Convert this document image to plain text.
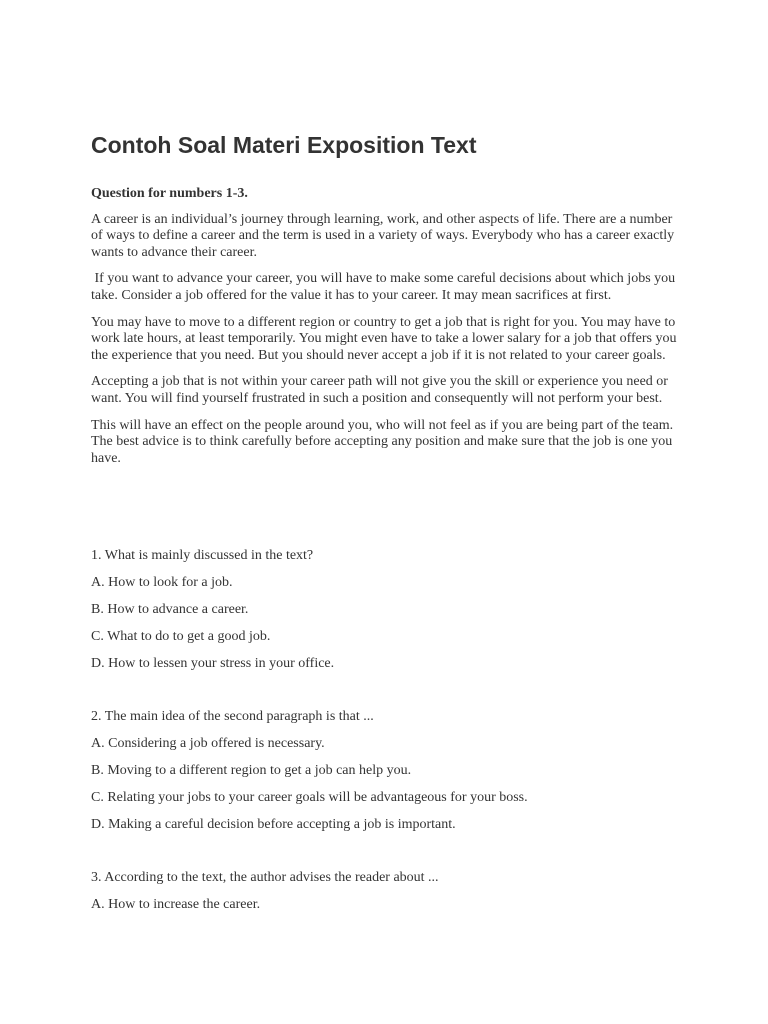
Contoh Soal Materi Exposition Text

Question for numbers 1-3.

A career is an individual’s journey through learning, work, and other aspects of life. There are a number of ways to define a career and the term is used in a variety of ways. Everybody who has a career exactly wants to advance their career.

If you want to advance your career, you will have to make some careful decisions about which jobs you take. Consider a job offered for the value it has to your career. It may mean sacrifices at first.

You may have to move to a different region or country to get a job that is right for you. You may have to work late hours, at least temporarily. You might even have to take a lower salary for a job that offers you the experience that you need. But you should never accept a job if it is not related to your career goals.

Accepting a job that is not within your career path will not give you the skill or experience you need or want. You will find yourself frustrated in such a position and consequently will not perform your best.

This will have an effect on the people around you, who will not feel as if you are being part of the team. The best advice is to think carefully before accepting any position and make sure that the job is one you have.

1. What is mainly discussed in the text?

A. How to look for a job.

B. How to advance a career.

C. What to do to get a good job.

D. How to lessen your stress in your office.

2. The main idea of the second paragraph is that ...

A. Considering a job offered is necessary.

B. Moving to a different region to get a job can help you.

C. Relating your jobs to your career goals will be advantageous for your boss.

D. Making a careful decision before accepting a job is important.

3. According to the text, the author advises the reader about ...

A. How to increase the career.
